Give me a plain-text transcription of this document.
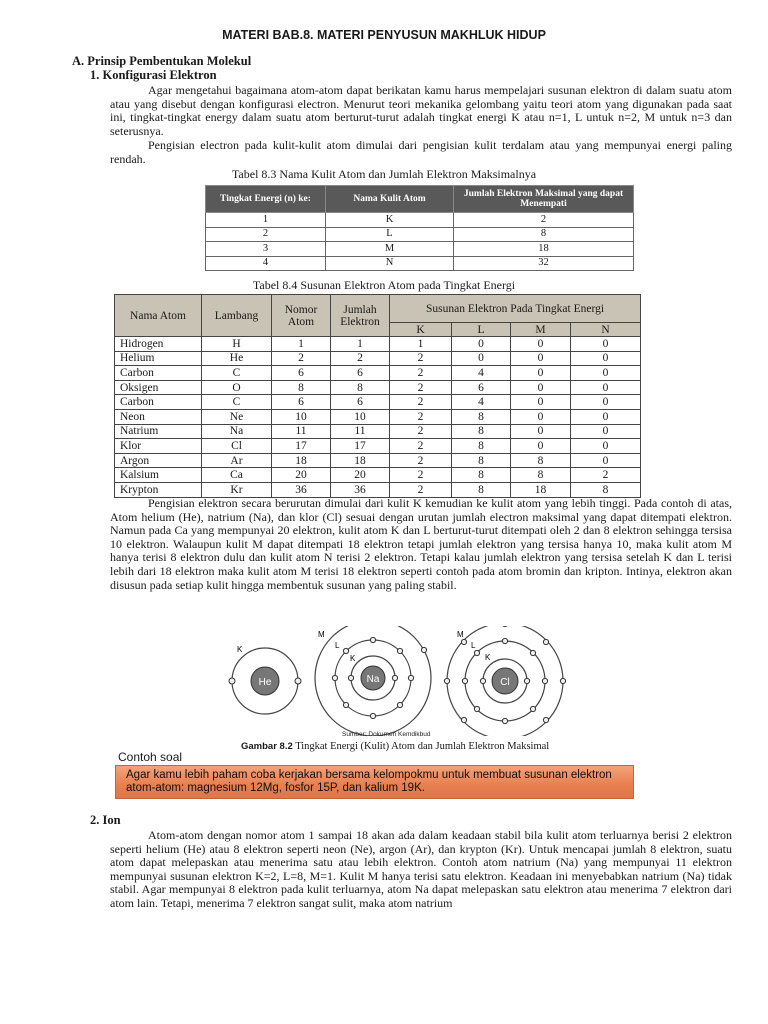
MATERI BAB.8. MATERI PENYUSUN MAKHLUK HIDUP
A. Prinsip Pembentukan Molekul
1. Konfigurasi Elektron
Agar mengetahui bagaimana atom-atom dapat berikatan kamu harus mempelajari susunan elektron di dalam suatu atom atau yang disebut dengan konfigurasi electron. Menurut teori mekanika gelombang yaitu teori atom yang digunakan pada saat ini, tingkat-tingkat energy dalam suatu atom berturut-turut adalah tingkat energi K atau n=1, L untuk n=2, M untuk n=3 dan seterusnya.
Pengisian electron pada kulit-kulit atom dimulai dari pengisian kulit terdalam atau yang mempunyai energi paling rendah.
Tabel 8.3 Nama Kulit Atom dan Jumlah Elektron Maksimalnya
Tingkat Energi (n) ke:	Nama Kulit Atom	Jumlah Elektron Maksimal yang dapat Menempati
1	K	2
2	L	8
3	M	18
4	N	32
Tabel 8.4 Susunan Elektron Atom pada Tingkat Energi
Nama Atom	Lambang	Nomor Atom	Jumlah Elektron	Susunan Elektron Pada Tingkat Energi			
				K	L	M	N
Hidrogen	H	1	1	1	0	0	0
Helium	He	2	2	2	0	0	0
Carbon	C	6	6	2	4	0	0
Oksigen	O	8	8	2	6	0	0
Carbon	C	6	6	2	4	0	0
Neon	Ne	10	10	2	8	0	0
Natrium	Na	11	11	2	8	0	0
Klor	Cl	17	17	2	8	0	0
Argon	Ar	18	18	2	8	8	0
Kalsium	Ca	20	20	2	8	8	2
Krypton	Kr	36	36	2	8	18	8
Pengisian elektron secara berurutan dimulai dari kulit K kemudian ke kulit atom yang lebih tinggi. Pada contoh di atas, Atom helium (He), natrium (Na), dan klor (Cl) sesuai dengan urutan jumlah electron maksimal yang dapat ditempati elektron. Namun pada Ca yang mempunyai 20 elektron, kulit atom K dan L berturut-turut ditempati oleh 2 dan 8 elektron sehingga tersisa 10 elektron. Walaupun kulit M dapat ditempati 18 elektron tetapi jumlah elektron yang tersisa hanya 10, maka kulit atom M hanya terisi 8 elektron dulu dan kulit atom N terisi 2 elektron. Tetapi kalau jumlah elektron yang tersisa setelah K dan L terisi lebih dari 18 elektron maka kulit atom M terisi 18 elektron seperti contoh pada atom bromin dan kripton. Intinya, elektron akan disusun pada setiap kulit hingga membentuk susunan yang paling stabil.
He
K
Na
M
L
K
Cl
M
L
K
Sumber: Dokumen Kemdikbud
Gambar 8.2 Tingkat Energi (Kulit) Atom dan Jumlah Elektron Maksimal
Contoh soal
Agar kamu lebih paham coba kerjakan bersama kelompokmu untuk membuat susunan elektron atom-atom: magnesium 12Mg, fosfor 15P, dan kalium 19K.
2. Ion
Atom-atom dengan nomor atom 1 sampai 18 akan ada dalam keadaan stabil bila kulit atom terluarnya berisi 2 elektron seperti helium (He) atau 8 elektron seperti neon (Ne), argon (Ar), dan krypton (Kr). Untuk mencapai jumlah 8 elektron, suatu atom dapat melepaskan atau menerima satu atau lebih elektron. Contoh atom natrium (Na) yang mempunyai 11 elektron mempunyai susunan elektron K=2, L=8, M=1. Kulit M hanya terisi satu elektron. Keadaan ini menyebabkan natrium (Na) tidak stabil. Agar mempunyai 8 elektron pada kulit terluarnya, atom Na dapat melepaskan satu elektron atau menerima 7 elektron dari atom lain. Tetapi, menerima 7 elektron sangat sulit, maka atom natrium
